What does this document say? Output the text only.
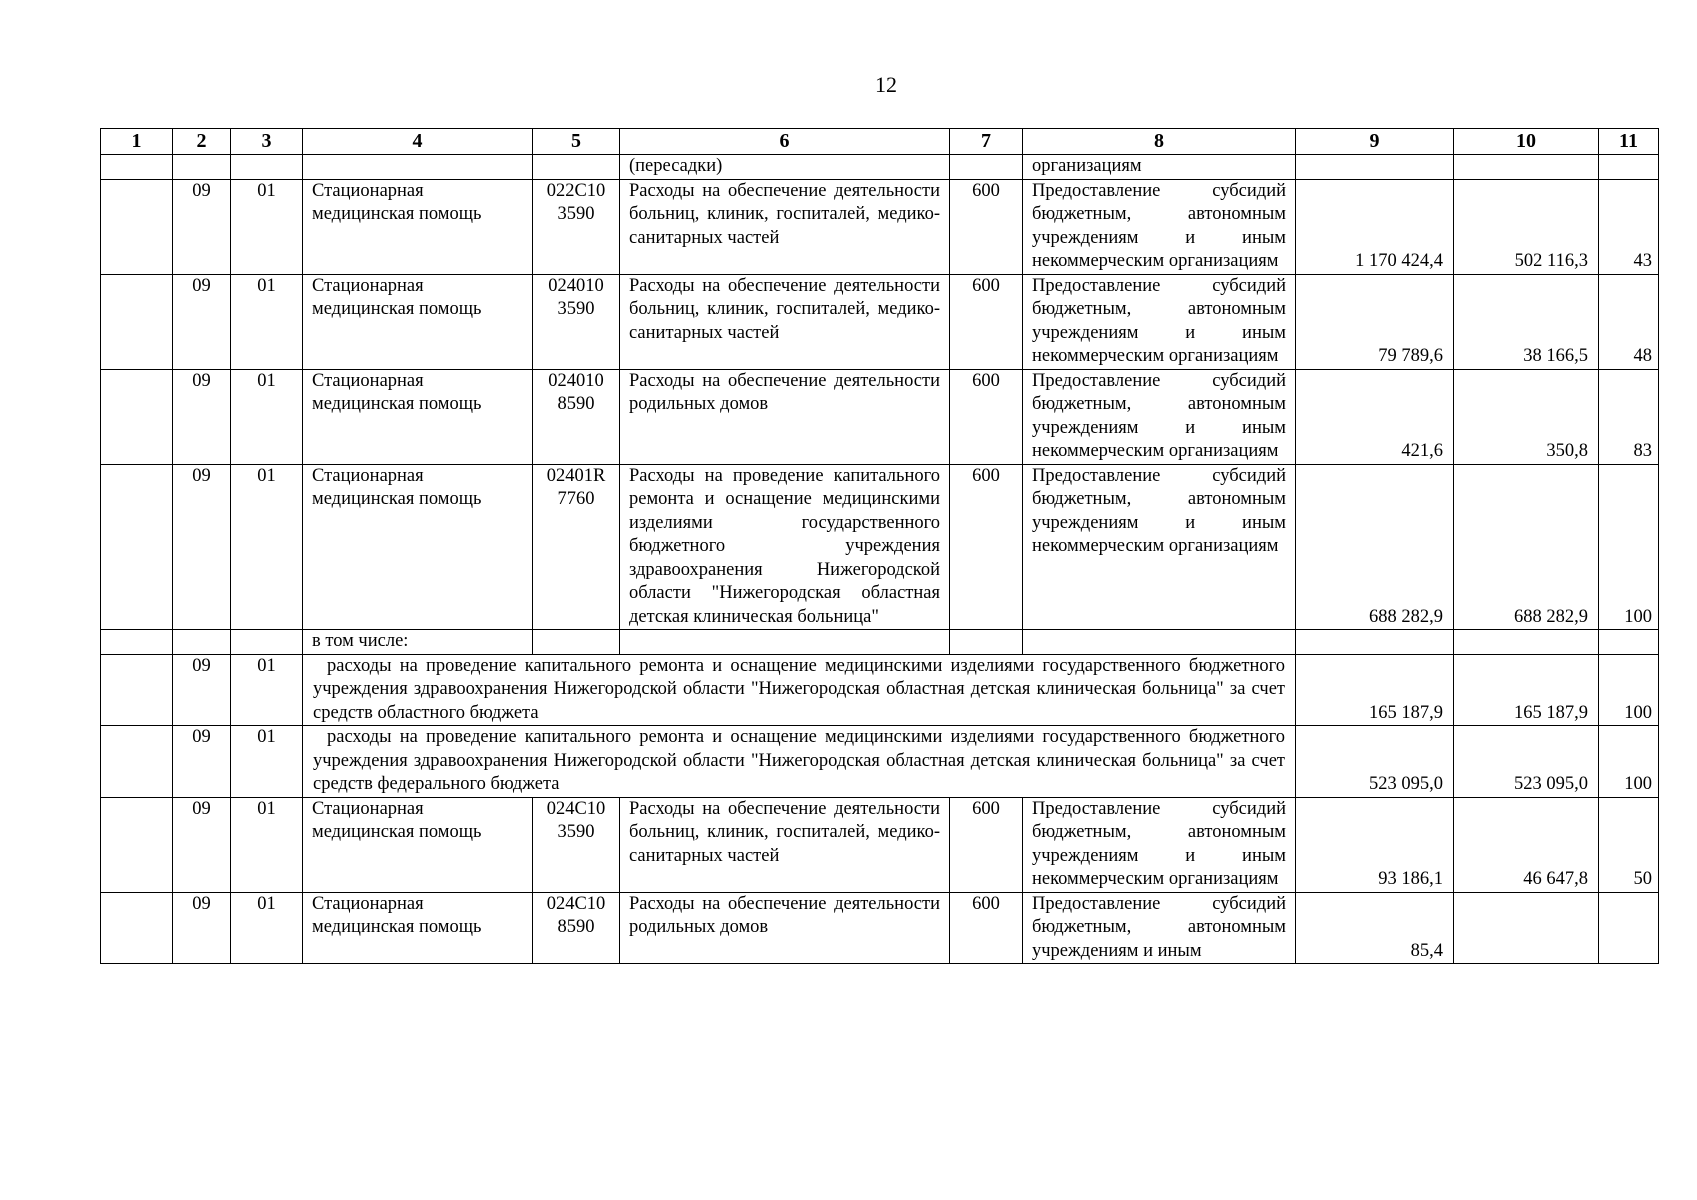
12
1	2	3	4	5	6	7	8	9	10	11
					(пересадки)		организациям			
	09	01	Стационарная медицинская помощь	022С10 3590	Расходы на обеспечение деятельности больниц, клиник, госпиталей, медико-санитарных частей	600	Предоставление субсидий бюджетным, автономным учреждениям и иным некоммерческим организациям	1 170 424,4	502 116,3	43
	09	01	Стационарная медицинская помощь	024010 3590	Расходы на обеспечение деятельности больниц, клиник, госпиталей, медико-санитарных частей	600	Предоставление субсидий бюджетным, автономным учреждениям и иным некоммерческим организациям	79 789,6	38 166,5	48
	09	01	Стационарная медицинская помощь	024010 8590	Расходы на обеспечение деятельности родильных домов	600	Предоставление субсидий бюджетным, автономным учреждениям и иным некоммерческим организациям	421,6	350,8	83
	09	01	Стационарная медицинская помощь	02401R 7760	Расходы на проведение капитального ремонта и оснащение медицинскими изделиями государственного бюджетного учреждения здравоохранения Нижегородской области "Нижегородская областная детская клиническая больница"	600	Предоставление субсидий бюджетным, автономным учреждениям и иным некоммерческим организациям	688 282,9	688 282,9	100
			в том числе:							
	09	01	расходы на проведение капитального ремонта и оснащение медицинскими изделиями государственного бюджетного учреждения здравоохранения Нижегородской области "Нижегородская областная детская клиническая больница" за счет средств областного бюджета					165 187,9	165 187,9	100
	09	01	расходы на проведение капитального ремонта и оснащение медицинскими изделиями государственного бюджетного учреждения здравоохранения Нижегородской области "Нижегородская областная детская клиническая больница" за счет средств федерального бюджета					523 095,0	523 095,0	100
	09	01	Стационарная медицинская помощь	024С10 3590	Расходы на обеспечение деятельности больниц, клиник, госпиталей, медико-санитарных частей	600	Предоставление субсидий бюджетным, автономным учреждениям и иным некоммерческим организациям	93 186,1	46 647,8	50
	09	01	Стационарная медицинская помощь	024С10 8590	Расходы на обеспечение деятельности родильных домов	600	Предоставление субсидий бюджетным, автономным учреждениям и иным	85,4		
